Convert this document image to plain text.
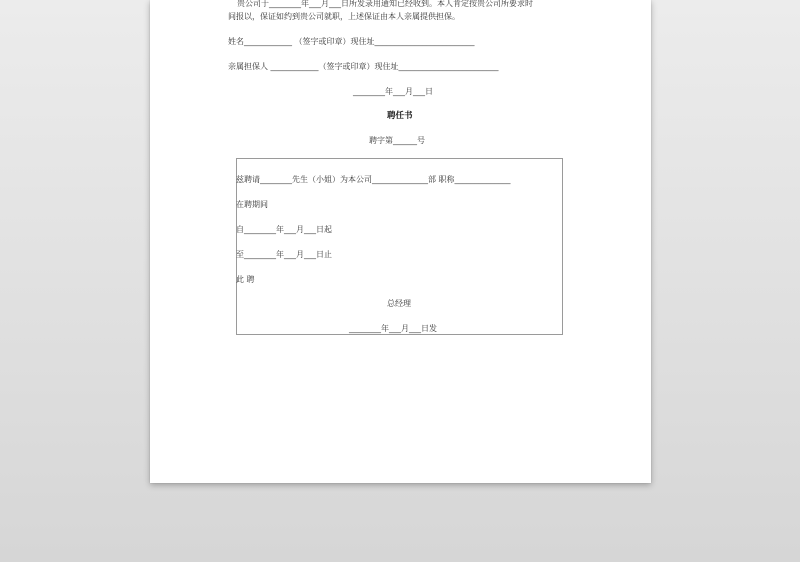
贵公司于________年___月___日所发录用通知已经收到。本人肯定按贵公司所要求时
间报以，保证如约到贵公司就职，上述保证由本人亲属提供担保。
姓名____________ （签字或印章）现住址_________________________
亲属担保人 ____________（签字或印章）现住址_________________________
________年___月___日
聘任书
聘字第______号
兹聘请________先生（小姐）为本公司______________部 职称______________
在聘期间
自________年___月___日起
至________年___月___日止
此 聘
总经理
________年___月___日发
